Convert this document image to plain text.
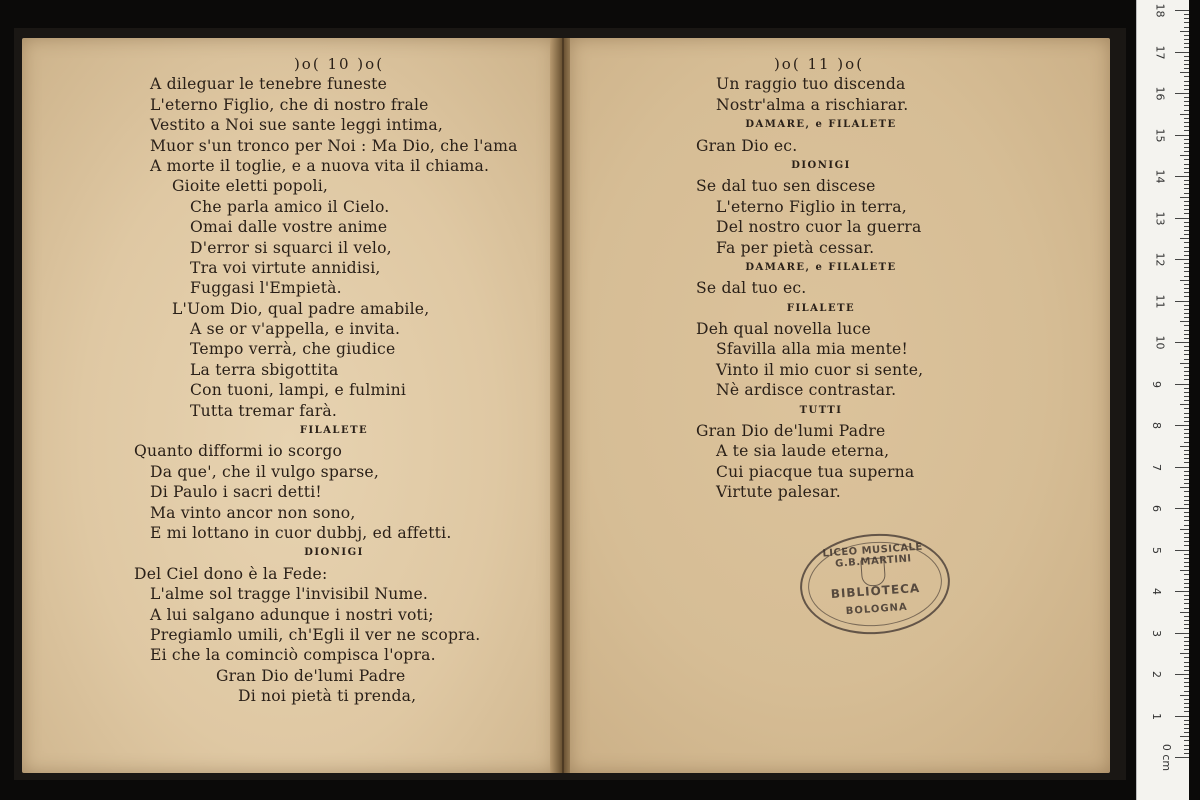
)o( 10 )o(
A dileguar le tenebre funeste
L'eterno Figlio, che di nostro frale
Vestito a Noi sue sante leggi intima,
Muor s'un tronco per Noi : Ma Dio, che l'ama
A morte il toglie, e a nuova vita il chiama.
Gioite eletti popoli,
Che parla amico il Cielo.
Omai dalle vostre anime
D'error si squarci il velo,
Tra voi virtute annidisi,
Fuggasi l'Empietà.
L'Uom Dio, qual padre amabile,
A se or v'appella, e invita.
Tempo verrà, che giudice
La terra sbigottita
Con tuoni, lampi, e fulmini
Tutta tremar farà.
FILALETE
Quanto difformi io scorgo
Da que', che il vulgo sparse,
Di Paulo i sacri detti!
Ma vinto ancor non sono,
E mi lottano in cuor dubbj, ed affetti.
DIONIGI
Del Ciel dono è la Fede:
L'alme sol tragge l'invisibil Nume.
A lui salgano adunque i nostri voti;
Pregiamlo umili, ch'Egli il ver ne scopra.
Ei che la cominciò compisca l'opra.
Gran Dio de'lumi Padre
Di noi pietà ti prenda,
)o( 11 )o(
Un raggio tuo discenda
Nostr'alma a rischiarar.
DAMARE, e FILALETE
Gran Dio ec.
DIONIGI
Se dal tuo sen discese
L'eterno Figlio in terra,
Del nostro cuor la guerra
Fa per pietà cessar.
DAMARE, e FILALETE
Se dal tuo ec.
FILALETE
Deh qual novella luce
Sfavilla alla mia mente!
Vinto il mio cuor si sente,
Nè ardisce contrastar.
TUTTI
Gran Dio de'lumi Padre
A te sia laude eterna,
Cui piacque tua superna
Virtute palesar.
LICEO MUSICALE G.B.MARTINI
BIBLIOTECA
BOLOGNA
18
17
16
15
14
13
12
11
10
9
8
7
6
5
4
3
2
1
0 cm
